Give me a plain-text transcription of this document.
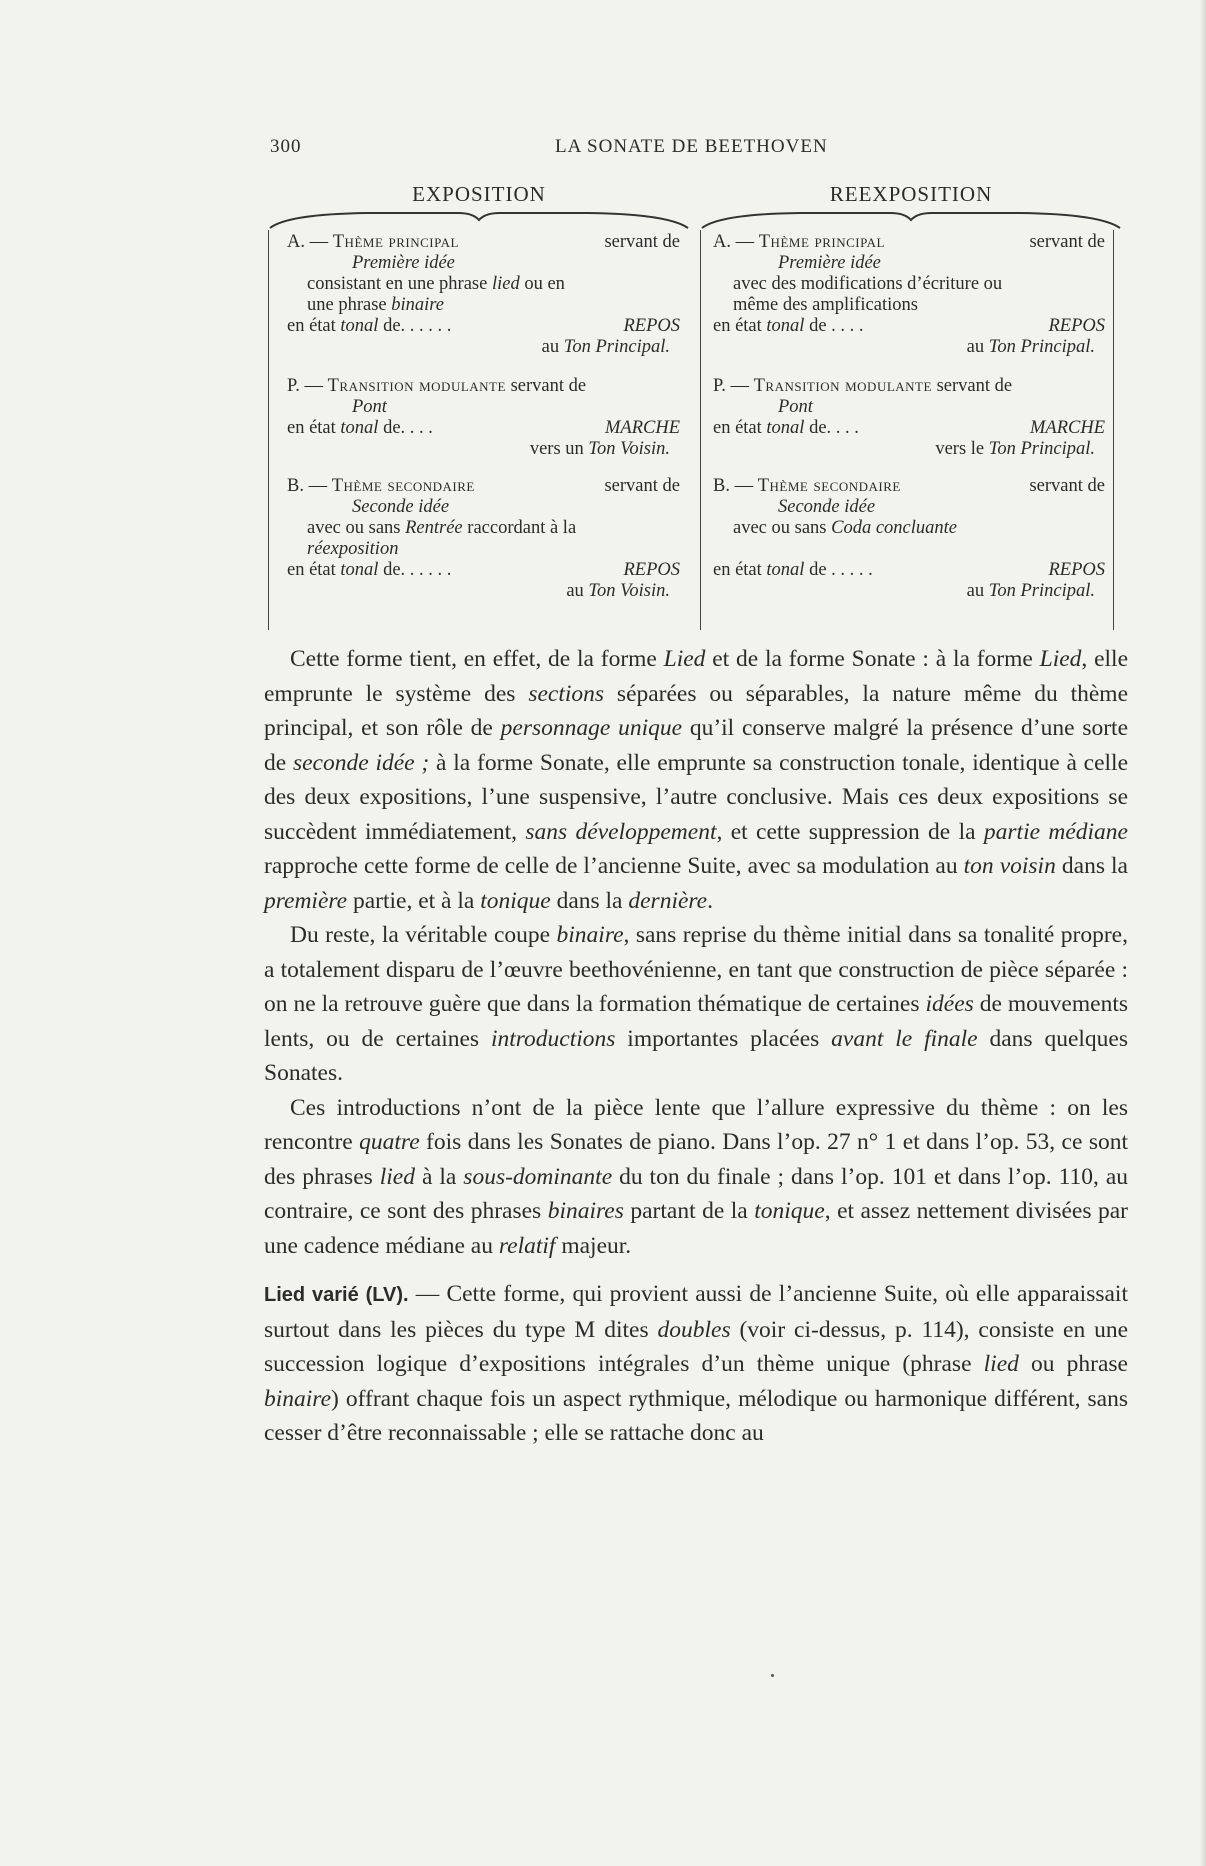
300	LA SONATE DE BEETHOVEN
EXPOSITION
A. — Thème principal	servant de
Première idée
consistant en une phrase lied ou en
une phrase binaire
en état tonal de. . . . . .	REPOS
au Ton Principal.
P. — Transition modulante servant de
Pont
en état tonal de. . . .	MARCHE
vers un Ton Voisin.
B. — Thème secondaire	servant de
Seconde idée
avec ou sans Rentrée raccordant à la
réexposition
en état tonal de. . . . . .	REPOS
au Ton Voisin.
REEXPOSITION
A. — Thème principal	servant de
Première idée
avec des modifications d’écriture ou
même des amplifications
en état tonal de . . . .	REPOS
au Ton Principal.
P. — Transition modulante servant de
Pont
en état tonal de. . . .	MARCHE
vers le Ton Principal.
B. — Thème secondaire	servant de
Seconde idée
avec ou sans Coda concluante
en état tonal de . . . . .	REPOS
au Ton Principal.

Cette forme tient, en effet, de la forme Lied et de la forme Sonate : à la forme Lied, elle emprunte le système des sections séparées ou séparables, la nature même du thème principal, et son rôle de personnage unique qu’il conserve malgré la présence d’une sorte de seconde idée ; à la forme Sonate, elle emprunte sa construction tonale, identique à celle des deux expositions, l’une suspensive, l’autre conclusive. Mais ces deux expositions se succèdent immédiatement, sans développement, et cette suppression de la partie médiane rapproche cette forme de celle de l’ancienne Suite, avec sa modulation au ton voisin dans la première partie, et à la tonique dans la dernière.

Du reste, la véritable coupe binaire, sans reprise du thème initial dans sa tonalité propre, a totalement disparu de l’œuvre beethovénienne, en tant que construction de pièce séparée : on ne la retrouve guère que dans la formation thématique de certaines idées de mouvements lents, ou de certaines introductions importantes placées avant le finale dans quelques Sonates.

Ces introductions n’ont de la pièce lente que l’allure expressive du thème : on les rencontre quatre fois dans les Sonates de piano. Dans l’op. 27 n° 1 et dans l’op. 53, ce sont des phrases lied à la sous-dominante du ton du finale ; dans l’op. 101 et dans l’op. 110, au contraire, ce sont des phrases binaires partant de la tonique, et assez nettement divisées par une cadence médiane au relatif majeur.

Lied varié (LV). — Cette forme, qui provient aussi de l’ancienne Suite, où elle apparaissait surtout dans les pièces du type M dites doubles (voir ci-dessus, p. 114), consiste en une succession logique d’expositions intégrales d’un thème unique (phrase lied ou phrase binaire) offrant chaque fois un aspect rythmique, mélodique ou harmonique différent, sans cesser d’être reconnaissable ; elle se rattache donc au
